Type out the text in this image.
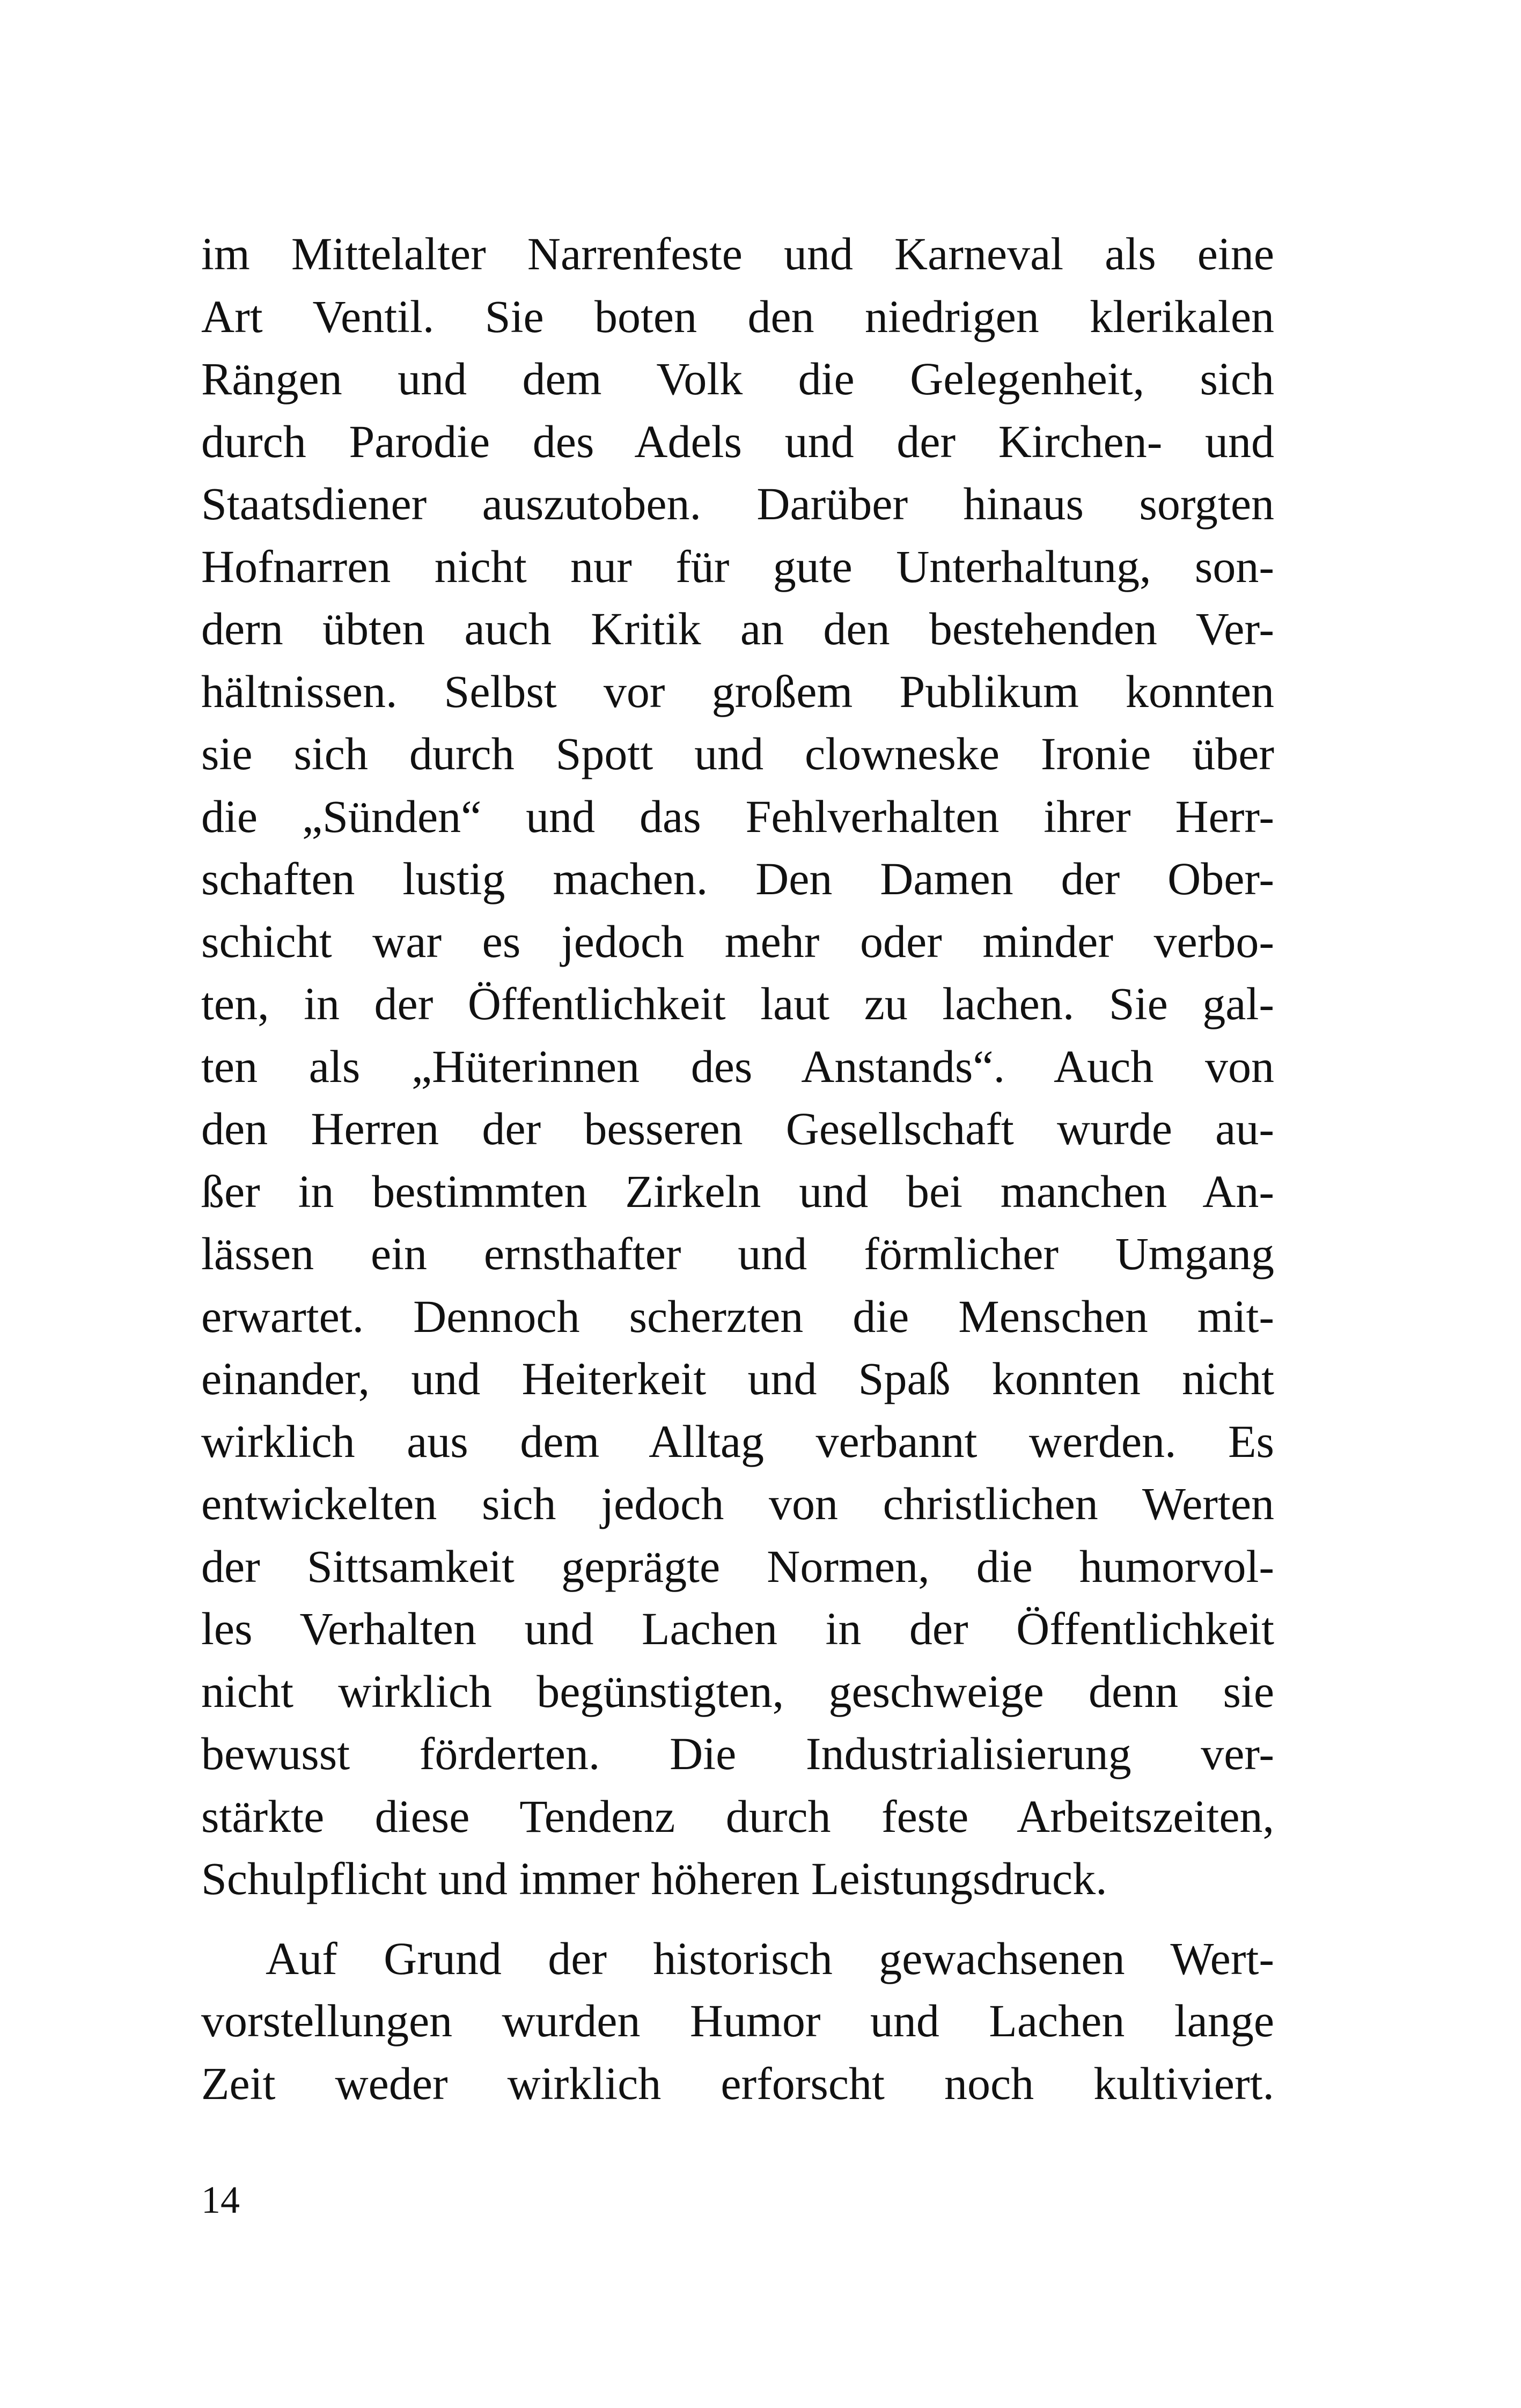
im Mittelalter Narrenfeste und Karneval als eine
Art Ventil. Sie boten den niedrigen klerikalen
Rängen und dem Volk die Gelegenheit, sich
durch Parodie des Adels und der Kirchen- und
Staatsdiener auszutoben. Darüber hinaus sorgten
Hofnarren nicht nur für gute Unterhaltung, son-
dern übten auch Kritik an den bestehenden Ver-
hältnissen. Selbst vor großem Publikum konnten
sie sich durch Spott und clowneske Ironie über
die „Sünden“ und das Fehlverhalten ihrer Herr-
schaften lustig machen. Den Damen der Ober-
schicht war es jedoch mehr oder minder verbo-
ten, in der Öffentlichkeit laut zu lachen. Sie gal-
ten als „Hüterinnen des Anstands“. Auch von
den Herren der besseren Gesellschaft wurde au-
ßer in bestimmten Zirkeln und bei manchen An-
lässen ein ernsthafter und förmlicher Umgang
erwartet. Dennoch scherzten die Menschen mit-
einander, und Heiterkeit und Spaß konnten nicht
wirklich aus dem Alltag verbannt werden. Es
entwickelten sich jedoch von christlichen Werten
der Sittsamkeit geprägte Normen, die humorvol-
les Verhalten und Lachen in der Öffentlichkeit
nicht wirklich begünstigten, geschweige denn sie
bewusst förderten. Die Industrialisierung ver-
stärkte diese Tendenz durch feste Arbeitszeiten,
Schulpflicht und immer höheren Leistungsdruck.
Auf Grund der historisch gewachsenen Wert-
vorstellungen wurden Humor und Lachen lange
Zeit weder wirklich erforscht noch kultiviert.
14
